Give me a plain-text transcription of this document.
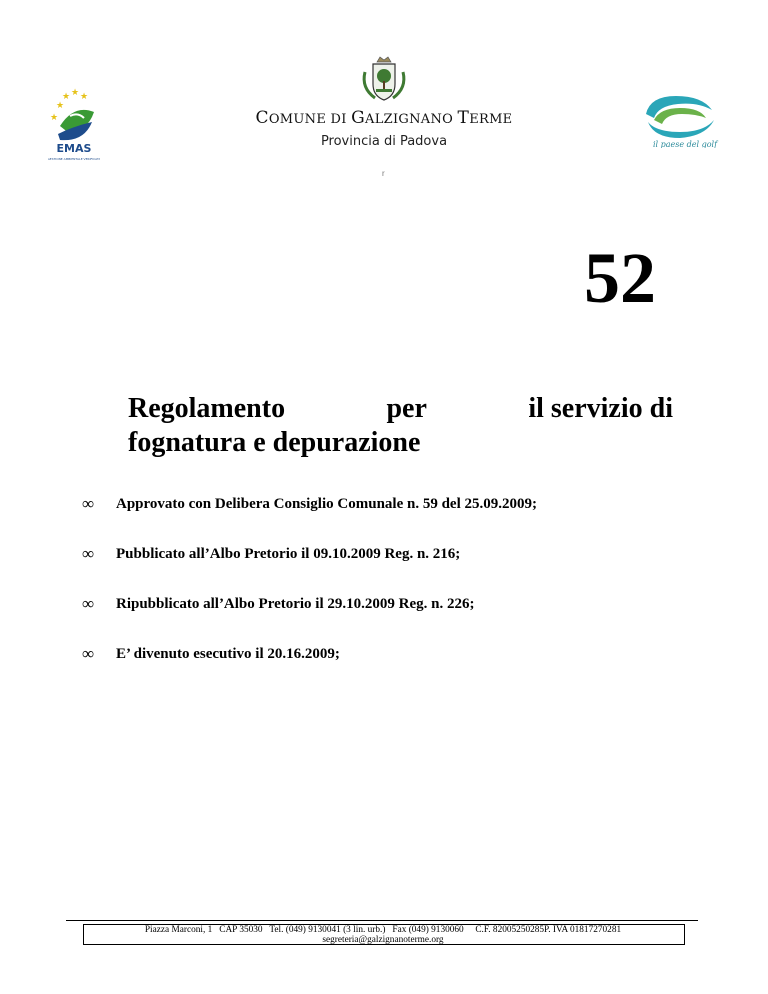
★
★ ★ ★
★
EMAS
GESTIONE AMBIENTALE VERIFICATA
COMUNE DI GALZIGNANO TERME
Provincia di Padova	il paese del golf
r
52
Regolamento	per	il servizio di
fognatura e depurazione
∞	Approvato con Delibera Consiglio Comunale n. 59 del 25.09.2009;
∞	Pubblicato all’Albo Pretorio il 09.10.2009 Reg. n. 216;
∞	Ripubblicato all’Albo Pretorio il 29.10.2009 Reg. n. 226;
∞	E’ divenuto esecutivo il 20.16.2009;
Piazza Marconi, 1 CAP 35030 Tel. (049) 9130041 (3 lin. urb.) Fax (049) 9130060 C.F. 82005250285P. IVA 01817270281
segreteria@galzignanoterme.org
